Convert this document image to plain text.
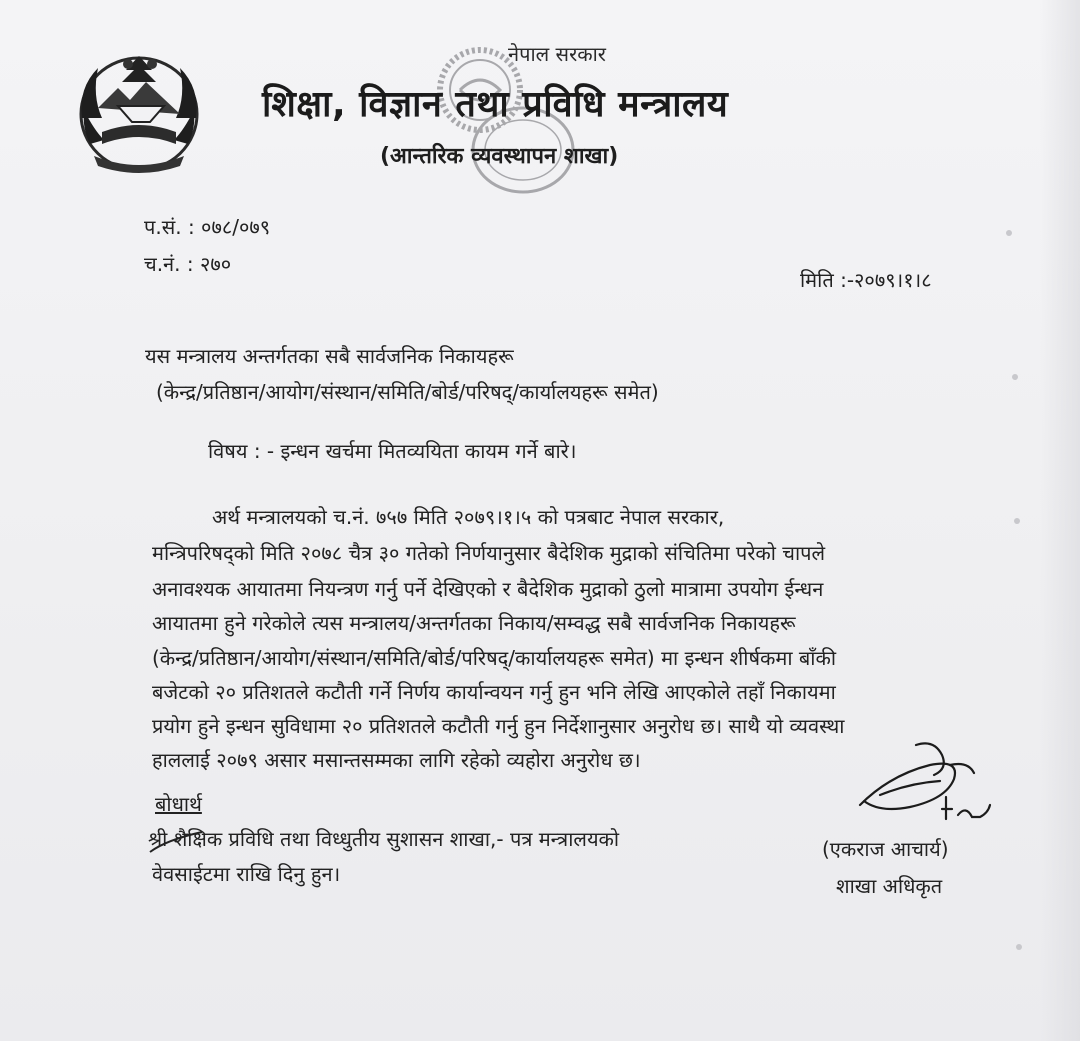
नेपाल सरकार
शिक्षा, विज्ञान तथा प्रविधि मन्त्रालय
(आन्तरिक व्यवस्थापन शाखा)
प.सं. : ०७८/०७९
च.नं. : २७०
मिति :-२०७९।१।८
यस मन्त्रालय अन्तर्गतका सबै सार्वजनिक निकायहरू
(केन्द्र/प्रतिष्ठान/आयोग/संस्थान/समिति/बोर्ड/परिषद्/कार्यालयहरू समेत)
विषय : - इन्धन खर्चमा मितव्ययिता कायम गर्ने बारे।
अर्थ मन्त्रालयको च.नं. ७५७ मिति २०७९।१।५ को पत्रबाट नेपाल सरकार,
मन्त्रिपरिषद्को मिति २०७८ चैत्र ३० गतेको निर्णयानुसार बैदेशिक मुद्राको संचितिमा परेको चापले
अनावश्यक आयातमा नियन्त्रण गर्नु पर्ने देखिएको र बैदेशिक मुद्राको ठुलो मात्रामा उपयोग ईन्धन
आयातमा हुने गरेकोले त्यस मन्त्रालय/अन्तर्गतका निकाय/सम्वद्ध सबै सार्वजनिक निकायहरू
(केन्द्र/प्रतिष्ठान/आयोग/संस्थान/समिति/बोर्ड/परिषद्/कार्यालयहरू समेत) मा इन्धन शीर्षकमा बाँकी
बजेटको २० प्रतिशतले कटौती गर्ने निर्णय कार्यान्वयन गर्नु हुन भनि लेखि आएकोले तहाँ निकायमा
प्रयोग हुने इन्धन सुविधामा २० प्रतिशतले कटौती गर्नु हुन निर्देशानुसार अनुरोध छ। साथै यो व्यवस्था
हाललाई २०७९ असार मसान्तसम्मका लागि रहेको व्यहोरा अनुरोध छ।
बोधार्थ
श्री शैक्षिक प्रविधि तथा विध्धुतीय सुशासन शाखा,- पत्र मन्त्रालयको
वेवसाईटमा राखि दिनु हुन।
(एकराज आचार्य)
शाखा अधिकृत
